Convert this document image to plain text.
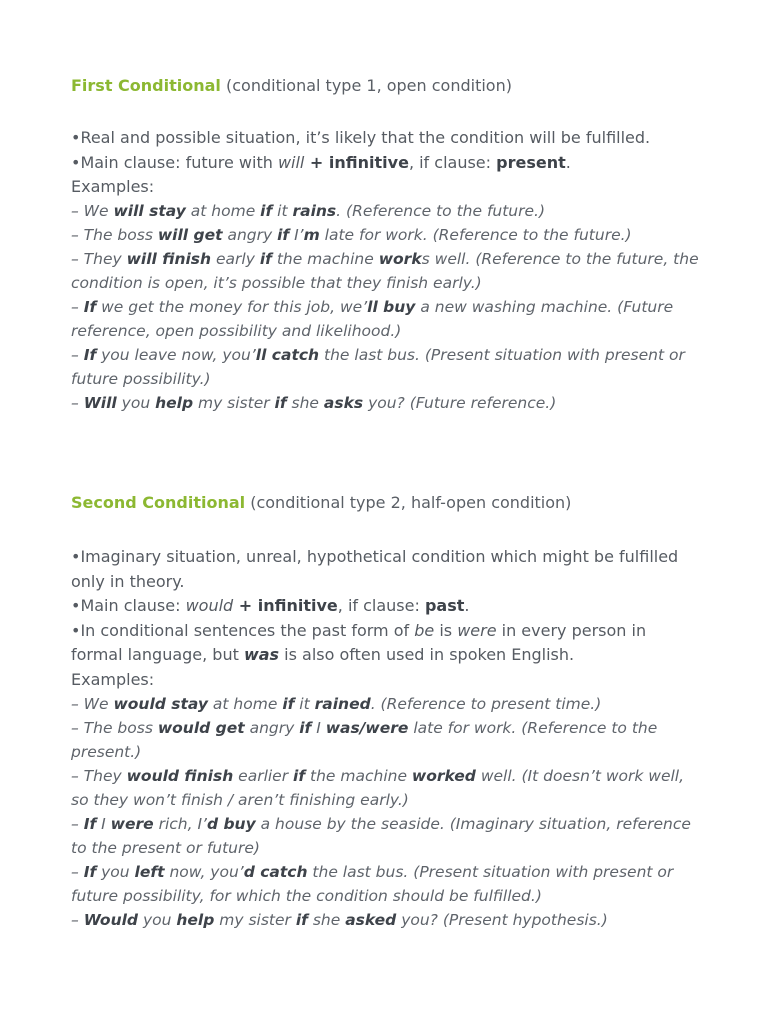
First Conditional (conditional type 1, open condition)

•Real and possible situation, it’s likely that the condition will be fulfilled.

•Main clause: future with will + infinitive, if clause: present.

Examples:

– We will stay at home if it rains. (Reference to the future.)

– The boss will get angry if I’m late for work. (Reference to the future.)

– They will finish early if the machine works well. (Reference to the future, the condition is open, it’s possible that they finish early.)

– If we get the money for this job, we’ll buy a new washing machine. (Future reference, open possibility and likelihood.)

– If you leave now, you’ll catch the last bus. (Present situation with present or future possibility.)

– Will you help my sister if she asks you? (Future reference.)

Second Conditional (conditional type 2, half-open condition)

•Imaginary situation, unreal, hypothetical condition which might be fulfilled only in theory.

•Main clause: would + infinitive, if clause: past.

•In conditional sentences the past form of be is were in every person in formal language, but was is also often used in spoken English.

Examples:

– We would stay at home if it rained. (Reference to present time.)

– The boss would get angry if I was/were late for work. (Reference to the present.)

– They would finish earlier if the machine worked well. (It doesn’t work well, so they won’t finish / aren’t finishing early.)

– If I were rich, I’d buy a house by the seaside. (Imaginary situation, reference to the present or future)

– If you left now, you’d catch the last bus. (Present situation with present or future possibility, for which the condition should be fulfilled.)

– Would you help my sister if she asked you? (Present hypothesis.)
